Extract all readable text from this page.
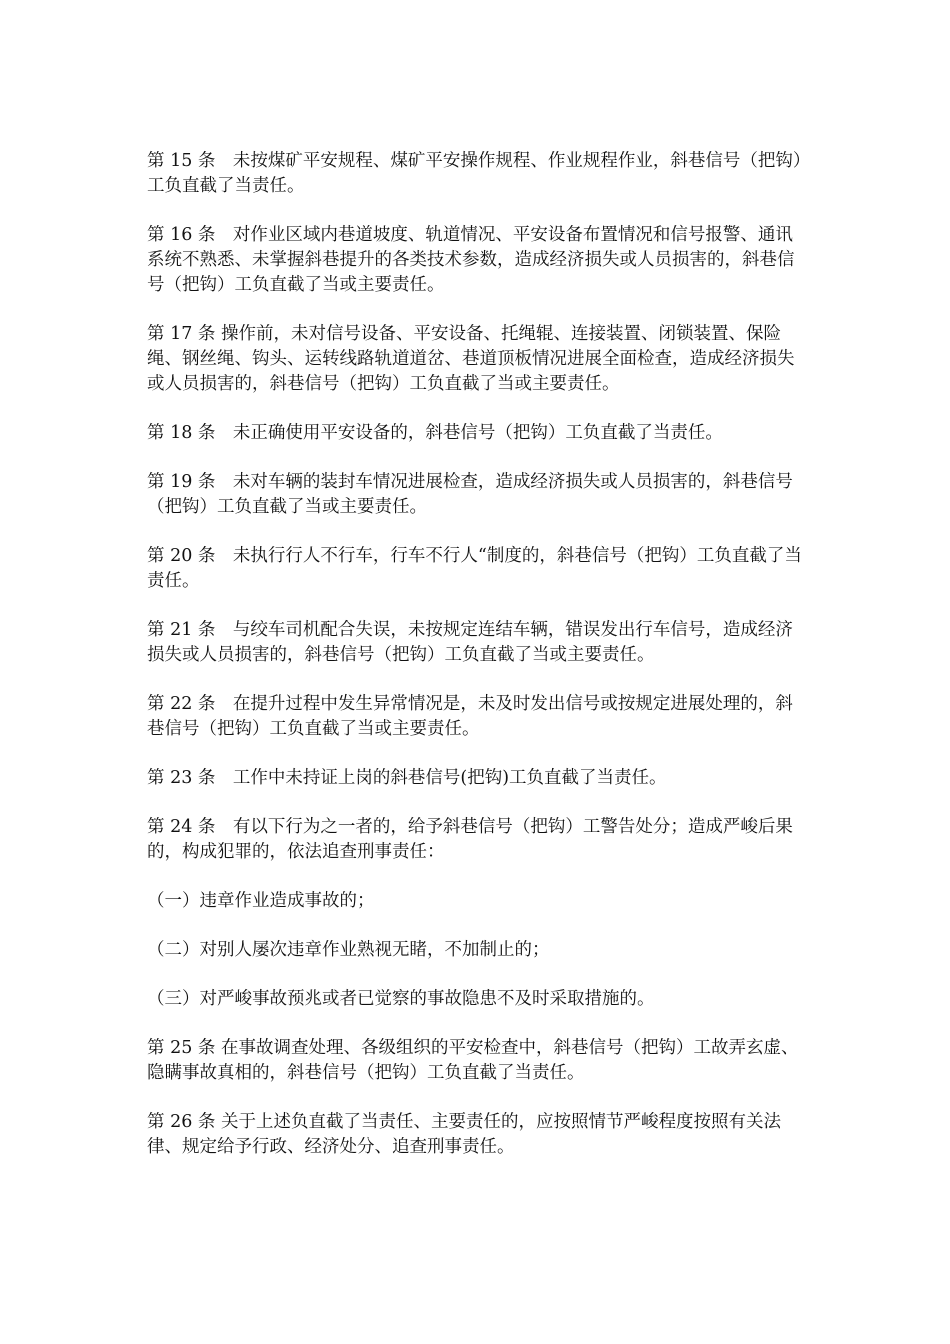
第 15 条　未按煤矿平安规程、煤矿平安操作规程、作业规程作业，斜巷信号（把钩）工负直截了当责任。

第 16 条　对作业区域内巷道坡度、轨道情况、平安设备布置情况和信号报警、通讯系统不熟悉、未掌握斜巷提升的各类技术参数，造成经济损失或人员损害的，斜巷信号（把钩）工负直截了当或主要责任。

第 17 条 操作前，未对信号设备、平安设备、托绳辊、连接装置、闭锁装置、保险绳、钢丝绳、钩头、运转线路轨道道岔、巷道顶板情况进展全面检查，造成经济损失或人员损害的，斜巷信号（把钩）工负直截了当或主要责任。

第 18 条　未正确使用平安设备的，斜巷信号（把钩）工负直截了当责任。

第 19 条　未对车辆的装封车情况进展检查，造成经济损失或人员损害的，斜巷信号（把钩）工负直截了当或主要责任。

第 20 条　未执行行人不行车，行车不行人“制度的，斜巷信号（把钩）工负直截了当责任。

第 21 条　与绞车司机配合失误，未按规定连结车辆，错误发出行车信号，造成经济损失或人员损害的，斜巷信号（把钩）工负直截了当或主要责任。

第 22 条　在提升过程中发生异常情况是，未及时发出信号或按规定进展处理的，斜巷信号（把钩）工负直截了当或主要责任。

第 23 条　工作中未持证上岗的斜巷信号(把钩)工负直截了当责任。

第 24 条　有以下行为之一者的，给予斜巷信号（把钩）工警告处分；造成严峻后果的，构成犯罪的，依法追查刑事责任：

（一）违章作业造成事故的；

（二）对别人屡次违章作业熟视无睹，不加制止的；

（三）对严峻事故预兆或者已觉察的事故隐患不及时采取措施的。

第 25 条 在事故调查处理、各级组织的平安检查中，斜巷信号（把钩）工故弄玄虚、隐瞒事故真相的，斜巷信号（把钩）工负直截了当责任。

第 26 条 关于上述负直截了当责任、主要责任的，应按照情节严峻程度按照有关法律、规定给予行政、经济处分、追查刑事责任。
